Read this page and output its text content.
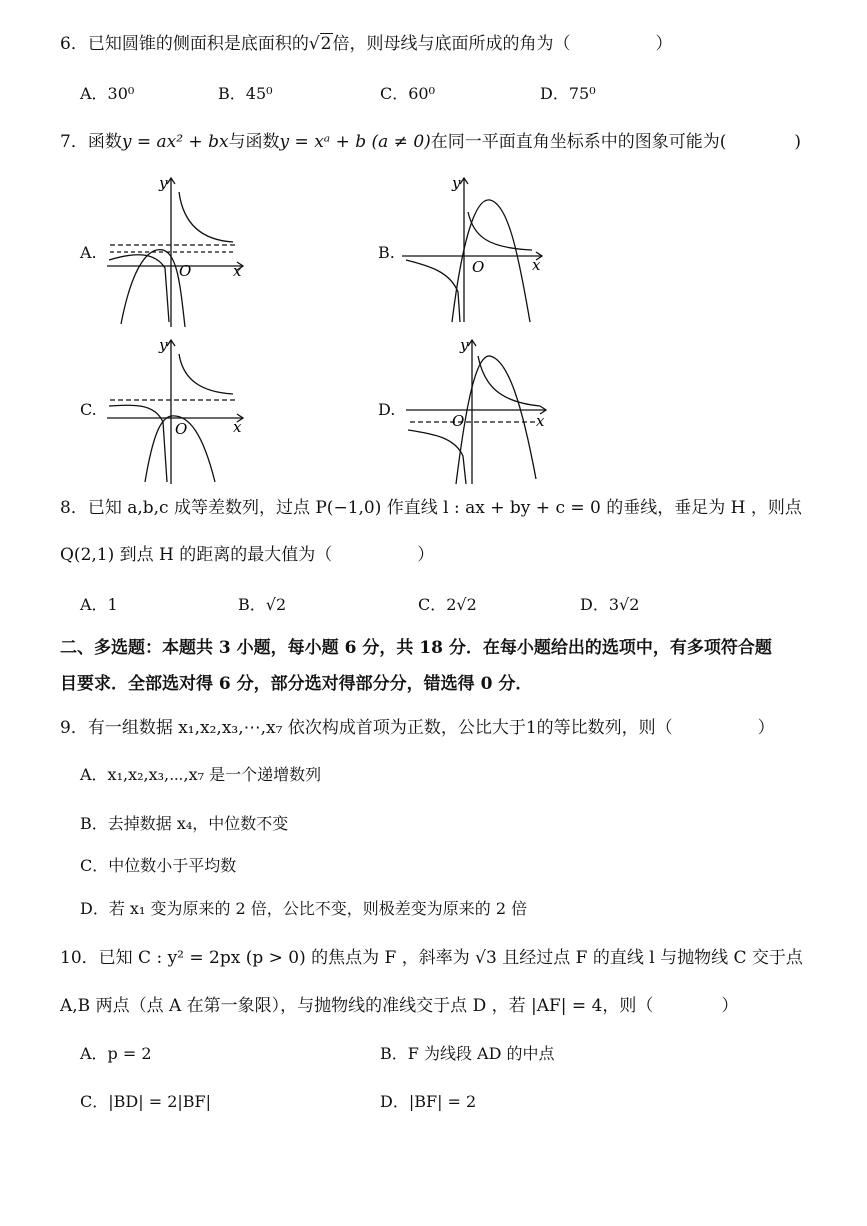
6．已知圆锥的侧面积是底面积的√2倍，则母线与底面所成的角为（　　　　　）
A．30⁰	B．45⁰	C．60⁰	D．75⁰
7．函数y = ax² + bx与函数y = xᵃ + b (a ≠ 0)在同一平面直角坐标系中的图象可能为(　　　　)
A.	B.
C.	D.
y
x
O
y
x
O
y
x
O
y
x
O
8．已知 a,b,c 成等差数列，过点 P(−1,0) 作直线 l : ax + by + c = 0 的垂线，垂足为 H ，则点
Q(2,1) 到点 H 的距离的最大值为（　　　　　）
A．1	B．√2	C．2√2	D．3√2
二、多选题：本题共 3 小题，每小题 6 分，共 18 分．在每小题给出的选项中，有多项符合题
目要求．全部选对得 6 分，部分选对得部分分，错选得 0 分．
9．有一组数据 x₁,x₂,x₃,⋯,x₇ 依次构成首项为正数，公比大于1的等比数列，则（　　　　　）
A．x₁,x₂,x₃,⋯,x₇ 是一个递增数列
B．去掉数据 x₄，中位数不变
C．中位数小于平均数
D．若 x₁ 变为原来的 2 倍，公比不变，则极差变为原来的 2 倍
10．已知 C : y² = 2px (p > 0) 的焦点为 F ，斜率为 √3 且经过点 F 的直线 l 与抛物线 C 交于点
A,B 两点（点 A 在第一象限），与抛物线的准线交于点 D ，若 |AF| = 4，则（　　　　）
A．p = 2	B．F 为线段 AD 的中点
C．|BD| = 2|BF|	D．|BF| = 2
